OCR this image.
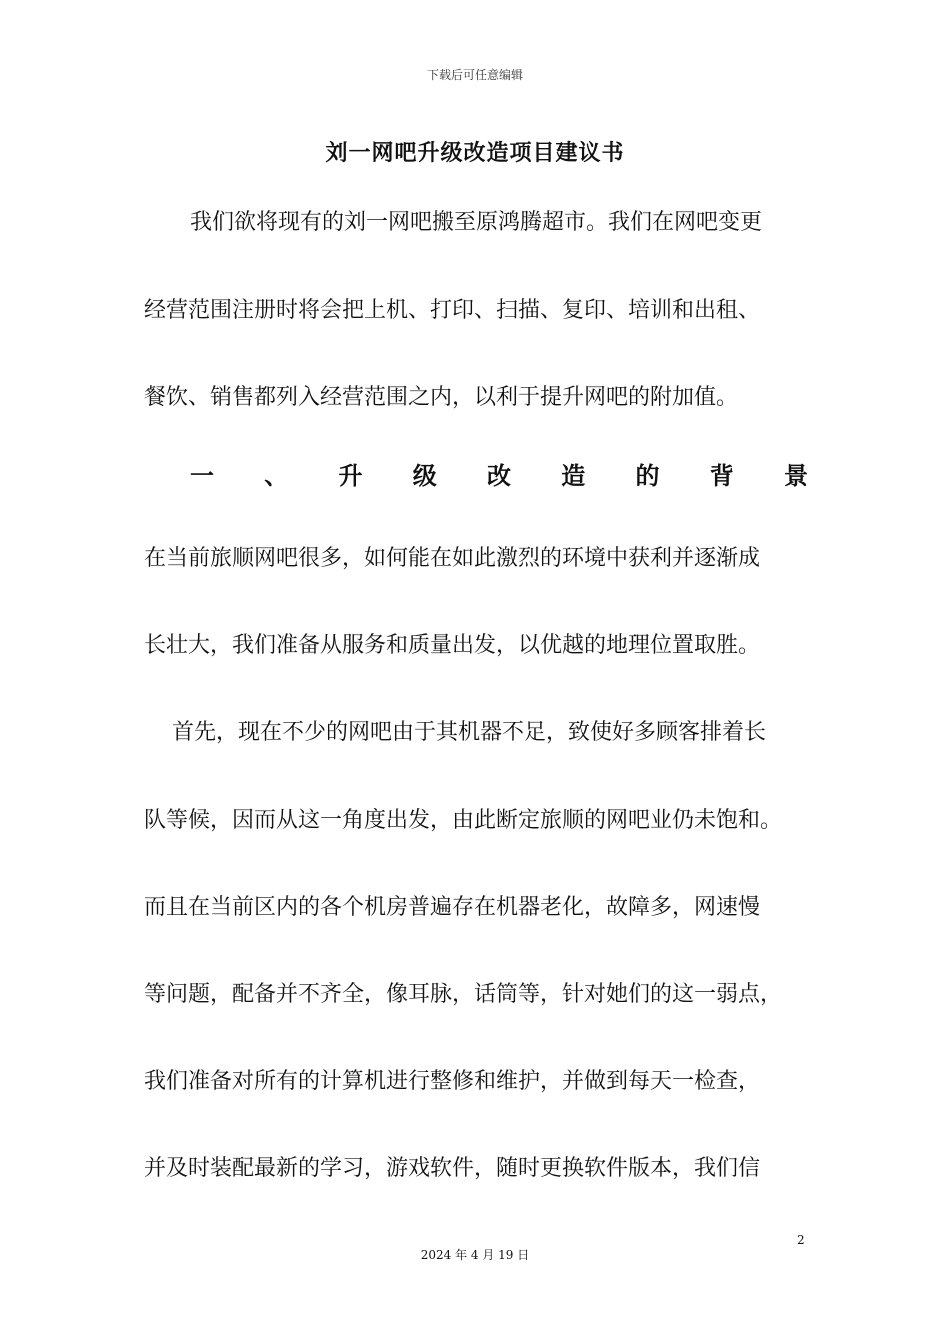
下载后可任意编辑
刘一网吧升级改造项目建议书
我们欲将现有的刘一网吧搬至原鸿腾超市。我们在网吧变更
经营范围注册时将会把上机、打印、扫描、复印、培训和出租、
餐饮、销售都列入经营范围之内，以利于提升网吧的附加值。
一 、 升 级 改 造 的 背 景
在当前旅顺网吧很多，如何能在如此激烈的环境中获利并逐渐成
长壮大，我们准备从服务和质量出发，以优越的地理位置取胜。
首先，现在不少的网吧由于其机器不足，致使好多顾客排着长
队等候，因而从这一角度出发，由此断定旅顺的网吧业仍未饱和。
而且在当前区内的各个机房普遍存在机器老化，故障多，网速慢
等问题，配备并不齐全，像耳脉，话筒等，针对她们的这一弱点，
我们准备对所有的计算机进行整修和维护，并做到每天一检查，
并及时装配最新的学习，游戏软件，随时更换软件版本，我们信
2
2024 年 4 月 19 日
